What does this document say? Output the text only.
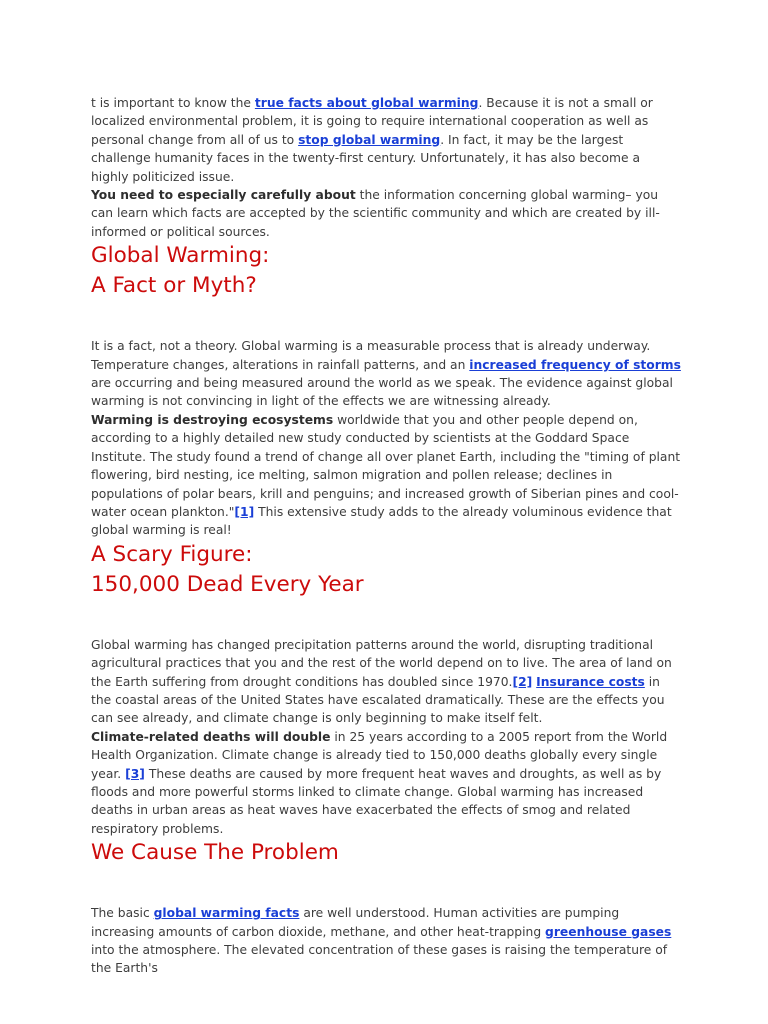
t is important to know the true facts about global warming. Because it is not a small or localized environmental problem, it is going to require international cooperation as well as personal change from all of us to stop global warming. In fact, it may be the largest challenge humanity faces in the twenty-first century. Unfortunately, it has also become a highly politicized issue.

You need to especially carefully about the information concerning global warming– you can learn which facts are accepted by the scientific community and which are created by ill-informed or political sources.

Global Warming:
A Fact or Myth?

It is a fact, not a theory. Global warming is a measurable process that is already underway. Temperature changes, alterations in rainfall patterns, and an increased frequency of storms are occurring and being measured around the world as we speak. The evidence against global warming is not convincing in light of the effects we are witnessing already.

Warming is destroying ecosystems worldwide that you and other people depend on, according to a highly detailed new study conducted by scientists at the Goddard Space Institute. The study found a trend of change all over planet Earth, including the "timing of plant flowering, bird nesting, ice melting, salmon migration and pollen release; declines in populations of polar bears, krill and penguins; and increased growth of Siberian pines and cool-water ocean plankton."[1] This extensive study adds to the already voluminous evidence that global warming is real!

A Scary Figure:
150,000 Dead Every Year

Global warming has changed precipitation patterns around the world, disrupting traditional agricultural practices that you and the rest of the world depend on to live. The area of land on the Earth suffering from drought conditions has doubled since 1970.[2] Insurance costs in the coastal areas of the United States have escalated dramatically. These are the effects you can see already, and climate change is only beginning to make itself felt.

Climate-related deaths will double in 25 years according to a 2005 report from the World Health Organization. Climate change is already tied to 150,000 deaths globally every single year. [3] These deaths are caused by more frequent heat waves and droughts, as well as by floods and more powerful storms linked to climate change. Global warming has increased deaths in urban areas as heat waves have exacerbated the effects of smog and related respiratory problems.

We Cause The Problem

The basic global warming facts are well understood. Human activities are pumping increasing amounts of carbon dioxide, methane, and other heat-trapping greenhouse gases into the atmosphere. The elevated concentration of these gases is raising the temperature of the Earth's
